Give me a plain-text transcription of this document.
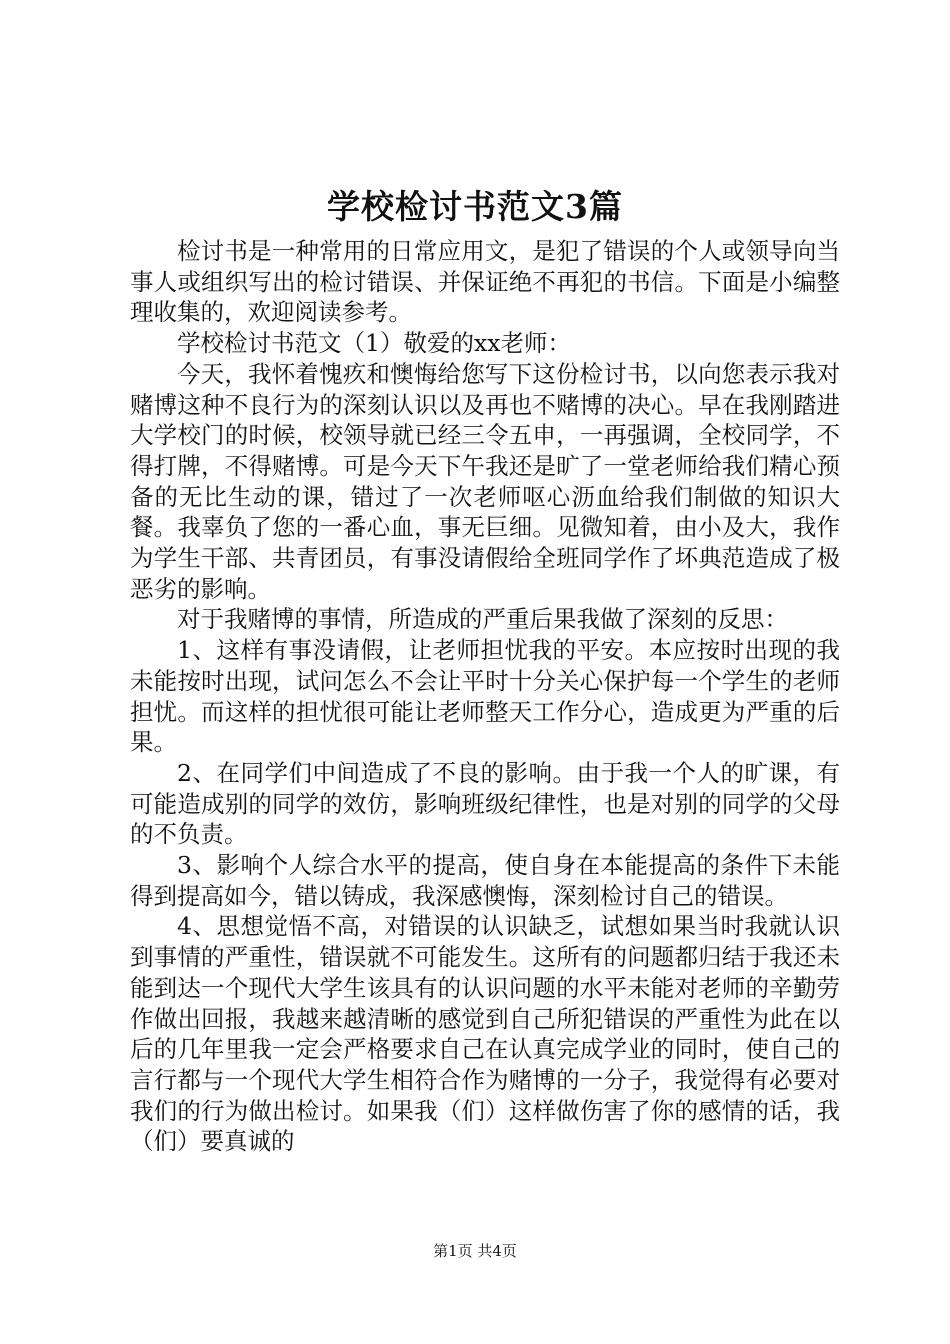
学校检讨书范文3篇

检讨书是一种常用的日常应用文，是犯了错误的个人或领导向当事人或组织写出的检讨错误、并保证绝不再犯的书信。下面是小编整理收集的，欢迎阅读参考。

学校检讨书范文（1）敬爱的xx老师：

今天，我怀着愧疚和懊悔给您写下这份检讨书，以向您表示我对赌博这种不良行为的深刻认识以及再也不赌博的决心。早在我刚踏进大学校门的时候，校领导就已经三令五申，一再强调，全校同学，不得打牌，不得赌博。可是今天下午我还是旷了一堂老师给我们精心预备的无比生动的课，错过了一次老师呕心沥血给我们制做的知识大餐。我辜负了您的一番心血，事无巨细。见微知着，由小及大，我作为学生干部、共青团员，有事没请假给全班同学作了坏典范造成了极恶劣的影响。

对于我赌博的事情，所造成的严重后果我做了深刻的反思：

1、这样有事没请假，让老师担忧我的平安。本应按时出现的我未能按时出现，试问怎么不会让平时十分关心保护每一个学生的老师担忧。而这样的担忧很可能让老师整天工作分心，造成更为严重的后果。

2、在同学们中间造成了不良的影响。由于我一个人的旷课，有可能造成别的同学的效仿，影响班级纪律性，也是对别的同学的父母的不负责。

3、影响个人综合水平的提高，使自身在本能提高的条件下未能得到提高如今，错以铸成，我深感懊悔，深刻检讨自己的错误。

4、思想觉悟不高，对错误的认识缺乏，试想如果当时我就认识到事情的严重性，错误就不可能发生。这所有的问题都归结于我还未能到达一个现代大学生该具有的认识问题的水平未能对老师的辛勤劳作做出回报，我越来越清晰的感觉到自己所犯错误的严重性为此在以后的几年里我一定会严格要求自己在认真完成学业的同时，使自己的言行都与一个现代大学生相符合作为赌博的一分子，我觉得有必要对我们的行为做出检讨。如果我（们）这样做伤害了你的感情的话，我（们）要真诚的

第1页 共4页
